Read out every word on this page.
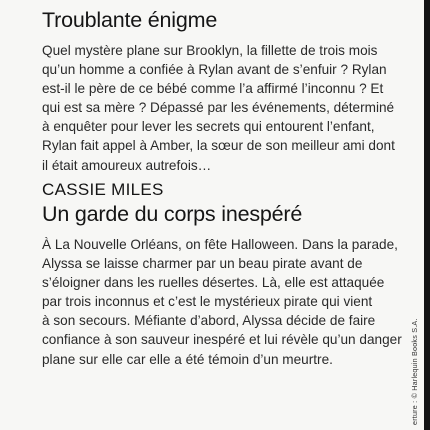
Troublante énigme

Quel mystère plane sur Brooklyn, la fillette de trois mois
qu’un homme a confiée à Rylan avant de s’enfuir ? Rylan
est-il le père de ce bébé comme l’a affirmé l’inconnu ? Et
qui est sa mère ? Dépassé par les événements, déterminé
à enquêter pour lever les secrets qui entourent l’enfant,
Rylan fait appel à Amber, la sœur de son meilleur ami dont
il était amoureux autrefois…

CASSIE MILES
Un garde du corps inespéré

À La Nouvelle Orléans, on fête Halloween. Dans la parade,
Alyssa se laisse charmer par un beau pirate avant de
s’éloigner dans les ruelles désertes. Là, elle est attaquée
par trois inconnus et c’est le mystérieux pirate qui vient
à son secours. Méfiante d’abord, Alyssa décide de faire
confiance à son sauveur inespéré et lui révèle qu’un danger
plane sur elle car elle a été témoin d’un meurtre.	erture : © Harlequin Books S.A.
